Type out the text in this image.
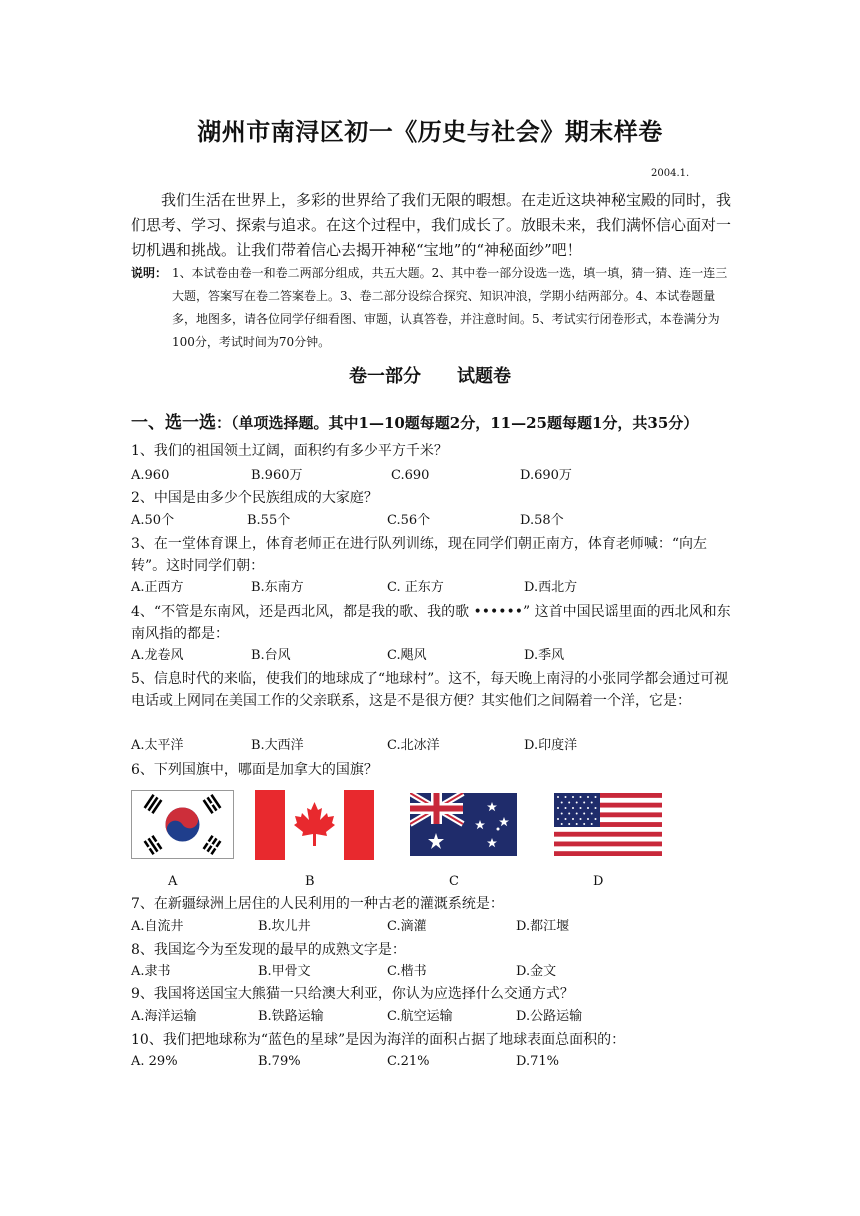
湖州市南浔区初一《历史与社会》期末样卷
2004.1.

我们生活在世界上，多彩的世界给了我们无限的暇想。在走近这块神秘宝殿的同时，我们思考、学习、探索与追求。在这个过程中，我们成长了。放眼未来，我们满怀信心面对一切机遇和挑战。让我们带着信心去揭开神秘“宝地”的“神秘面纱”吧！

说明： 1、本试卷由卷一和卷二两部分组成，共五大题。2、其中卷一部分设选一选，填一填，猜一猜、连一连三大题，答案写在卷二答案卷上。3、卷二部分设综合探究、知识冲浪，学期小结两部分。4、本试卷题量多，地图多，请各位同学仔细看图、审题，认真答卷，并注意时间。5、考试实行闭卷形式，本卷满分为100分，考试时间为70分钟。
卷一部分 试题卷
一、选一选：（单项选择题。其中1—10题每题2分，11—25题每题1分，共35分）
1、我们的祖国领土辽阔，面积约有多少平方千米？
A.960	B.960万	C.690	D.690万
2、中国是由多少个民族组成的大家庭？
A.50个	B.55个	C.56个	D.58个
3、在一堂体育课上，体育老师正在进行队列训练，现在同学们朝正南方，体育老师喊：“向左转”。这时同学们朝：
A.正西方	B.东南方	C. 正东方	D.西北方
4、“不管是东南风，还是西北风，都是我的歌、我的歌 ••••••” 这首中国民谣里面的西北风和东南风指的都是：
A.龙卷风	B.台风	C.飓风	D.季风
5、信息时代的来临，使我们的地球成了“地球村”。这不，每天晚上南浔的小张同学都会通过可视电话或上网同在美国工作的父亲联系，这是不是很方便？其实他们之间隔着一个洋，它是：
A.太平洋	B.大西洋	C.北冰洋	D.印度洋
6、下列国旗中，哪面是加拿大的国旗？
A	B	C	D
7、在新疆绿洲上居住的人民利用的一种古老的灌溉系统是：
A.自流井	B.坎儿井	C.滴灌	D.都江堰
8、我国迄今为至发现的最早的成熟文字是：
A.隶书	B.甲骨文	C.楷书	D.金文
9、我国将送国宝大熊猫一只给澳大利亚，你认为应选择什么交通方式？
A.海洋运输	B.铁路运输	C.航空运输	D.公路运输
10、我们把地球称为“蓝色的星球”是因为海洋的面积占据了地球表面总面积的：
A. 29%	B.79%	C.21%	D.71%
